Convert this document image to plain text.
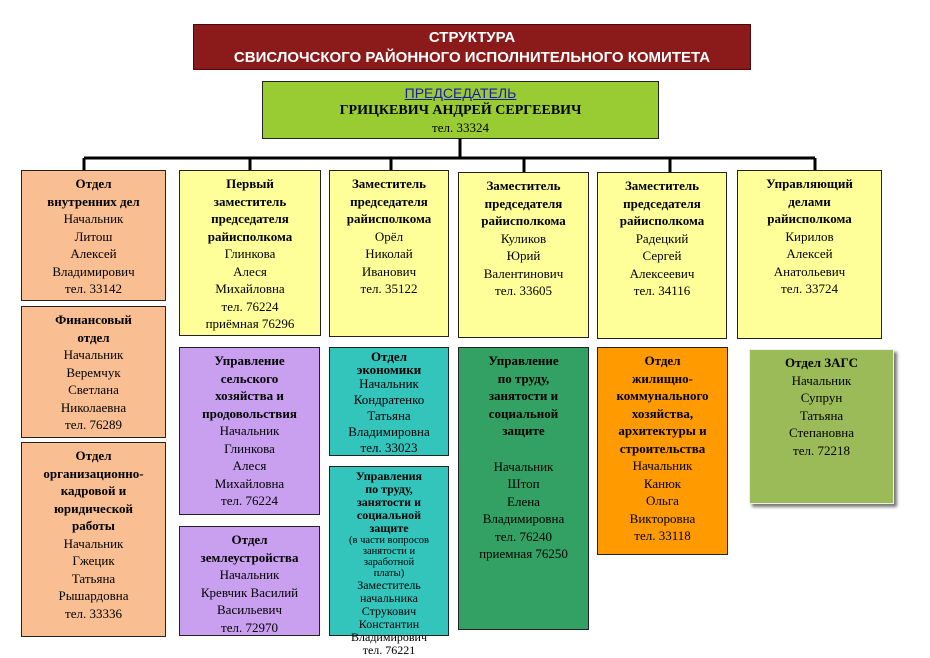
СТРУКТУРА
СВИСЛОЧСКОГО РАЙОННОГО ИСПОЛНИТЕЛЬНОГО КОМИТЕТА
ПРЕДСЕДАТЕЛЬ
ГРИЦКЕВИЧ АНДРЕЙ СЕРГЕЕВИЧ
тел. 33324
Отдел
внутренних дел
Начальник
Литош
Алексей
Владимирович
тел. 33142
Финансовый
отдел
Начальник
Веремчук
Светлана
Николаевна
тел. 76289
Отдел
организационно-
кадровой и
юридической
работы
Начальник
Гжецик
Татьяна
Рышардовна
тел. 33336
Первый
заместитель
председателя
райисполкома
Глинкова
Алеся
Михайловна
тел. 76224
приёмная 76296
Управление
сельского
хозяйства и
продовольствия
Начальник
Глинкова
Алеся
Михайловна
тел. 76224
Отдел
землеустройства
Начальник
Кревчик Василий
Васильевич
тел. 72970
Заместитель
председателя
райисполкома
Орёл
Николай
Иванович
тел. 35122
Отдел
экономики
Начальник
Кондратенко
Татьяна
Владимировна
тел. 33023
Управления
по труду,
занятости и
социальной
защите
(в части вопросов
занятости и
заработной
платы)
Заместитель
начальника
Струкович
Константин
Владимирович
тел. 76221
Заместитель
председателя
райисполкома
Куликов
Юрий
Валентинович
тел. 33605
Управление
по труду,
занятости и
социальной
защите
Начальник
Штоп
Елена
Владимировна
тел. 76240
приемная 76250
Заместитель
председателя
райисполкома
Радецкий
Сергей
Алексеевич
тел. 34116
Отдел
жилищно-
коммунального
хозяйства,
архитектуры и
строительства
Начальник
Канюк
Ольга
Викторовна
тел. 33118
Управляющий
делами
райисполкома
Кирилов
Алексей
Анатольевич
тел. 33724
Отдел ЗАГС
Начальник
Супрун
Татьяна
Степановна
тел. 72218
